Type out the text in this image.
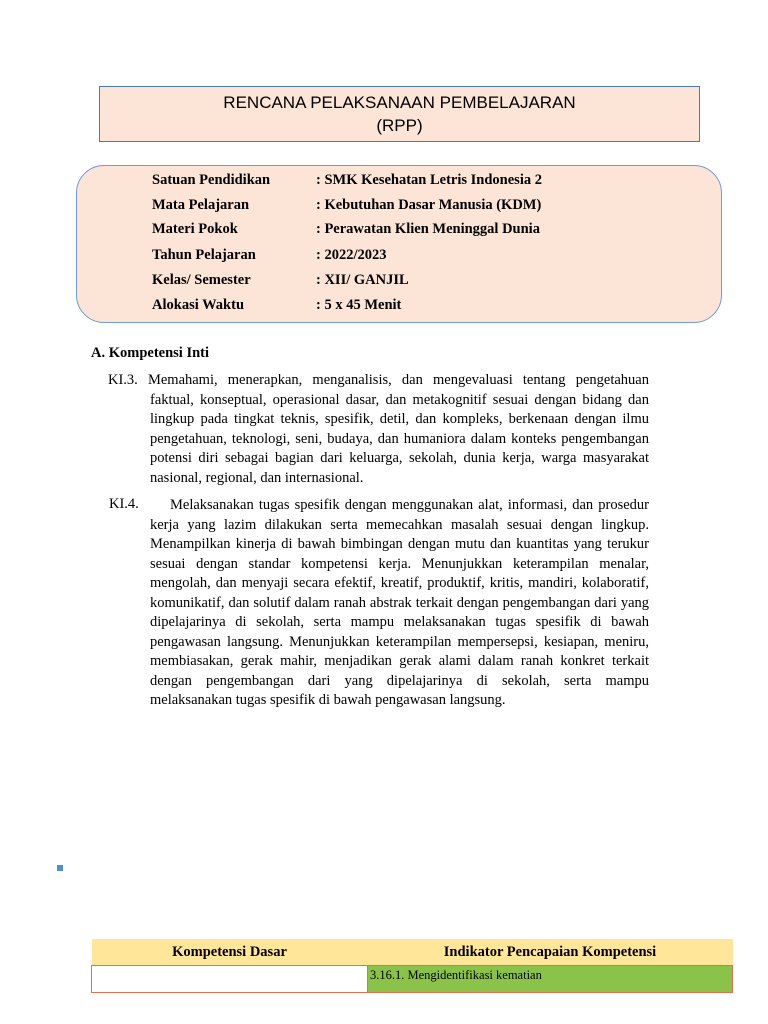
RENCANA PELAKSANAAN PEMBELAJARAN
(RPP)
Satuan Pendidikan	: SMK Kesehatan Letris Indonesia 2
Mata Pelajaran	: Kebutuhan Dasar Manusia (KDM)
Materi Pokok	: Perawatan Klien Meninggal Dunia
Tahun Pelajaran	: 2022/2023
Kelas/ Semester	: XII/ GANJIL
Alokasi Waktu	: 5 x 45 Menit
A. Kompetensi Inti
KI.3. Memahami, menerapkan, menganalisis, dan mengevaluasi tentang pengetahuan faktual, konseptual, operasional dasar, dan metakognitif sesuai dengan bidang dan lingkup pada tingkat teknis, spesifik, detil, dan kompleks, berkenaan dengan ilmu pengetahuan, teknologi, seni, budaya, dan humaniora dalam konteks pengembangan potensi diri sebagai bagian dari keluarga, sekolah, dunia kerja, warga masyarakat nasional, regional, dan internasional.
KI.4.	Melaksanakan tugas spesifik dengan menggunakan alat, informasi, dan prosedur kerja yang lazim dilakukan serta memecahkan masalah sesuai dengan lingkup. Menampilkan kinerja di bawah bimbingan dengan mutu dan kuantitas yang terukur sesuai dengan standar kompetensi kerja. Menunjukkan keterampilan menalar, mengolah, dan menyaji secara efektif, kreatif, produktif, kritis, mandiri, kolaboratif, komunikatif, dan solutif dalam ranah abstrak terkait dengan pengembangan dari yang dipelajarinya di sekolah, serta mampu melaksanakan tugas spesifik di bawah pengawasan langsung. Menunjukkan keterampilan mempersepsi, kesiapan, meniru, membiasakan, gerak mahir, menjadikan gerak alami dalam ranah konkret terkait dengan pengembangan dari yang dipelajarinya di sekolah, serta mampu melaksanakan tugas spesifik di bawah pengawasan langsung.
Kompetensi Dasar	Indikator Pencapaian Kompetensi
	3.16.1. Mengidentifikasi kematian
